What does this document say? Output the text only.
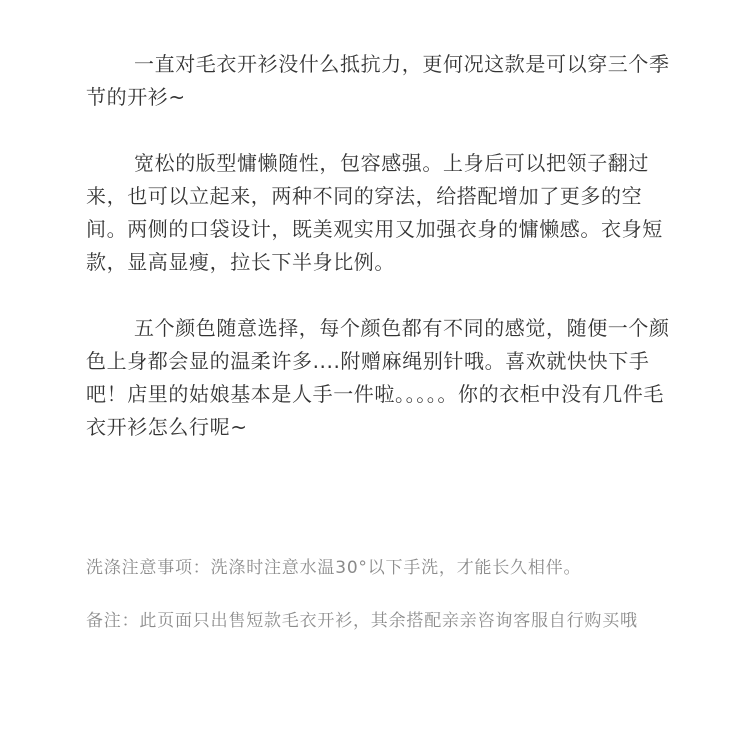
一直对毛衣开衫没什么抵抗力，更何况这款是可以穿三个季节的开衫~

宽松的版型慵懒随性，包容感强。上身后可以把领子翻过来，也可以立起来，两种不同的穿法，给搭配增加了更多的空间。两侧的口袋设计，既美观实用又加强衣身的慵懒感。衣身短款，显高显瘦，拉长下半身比例。

五个颜色随意选择，每个颜色都有不同的感觉，随便一个颜色上身都会显的温柔许多....附赠麻绳别针哦。喜欢就快快下手吧！店里的姑娘基本是人手一件啦。。。。。你的衣柜中没有几件毛衣开衫怎么行呢~

洗涤注意事项：洗涤时注意水温30°以下手洗，才能长久相伴。

备注：此页面只出售短款毛衣开衫，其余搭配亲亲咨询客服自行购买哦
